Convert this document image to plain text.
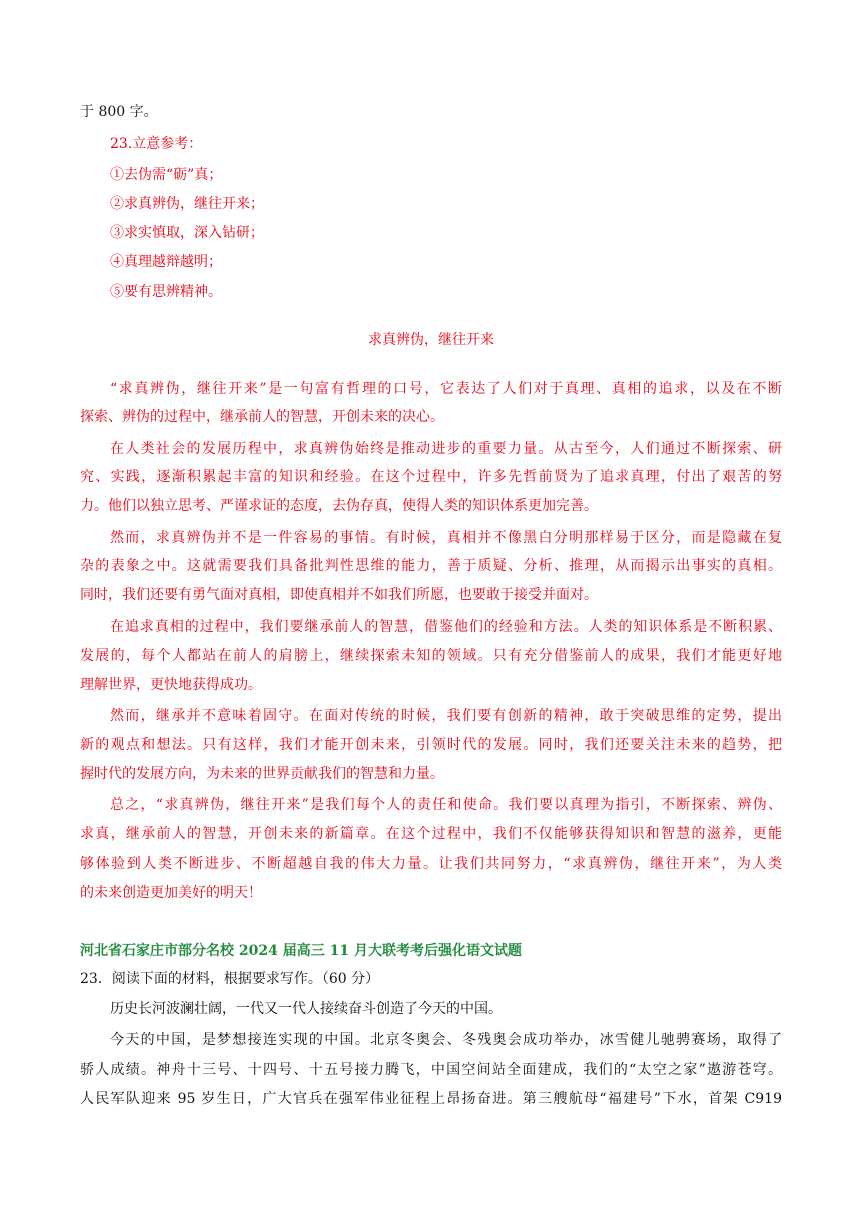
于 800 字。
23.立意参考：
①去伪需“砺”真；
②求真辨伪，继往开来；
③求实慎取，深入钻研；
④真理越辩越明；
⑤要有思辨精神。
求真辨伪，继往开来
“求真辨伪，继往开来”是一句富有哲理的口号，它表达了人们对于真理、真相的追求，以及在不断
探索、辨伪的过程中，继承前人的智慧，开创未来的决心。
在人类社会的发展历程中，求真辨伪始终是推动进步的重要力量。从古至今，人们通过不断探索、研
究、实践，逐渐积累起丰富的知识和经验。在这个过程中，许多先哲前贤为了追求真理，付出了艰苦的努
力。他们以独立思考、严谨求证的态度，去伪存真，使得人类的知识体系更加完善。
然而，求真辨伪并不是一件容易的事情。有时候，真相并不像黑白分明那样易于区分，而是隐藏在复
杂的表象之中。这就需要我们具备批判性思维的能力，善于质疑、分析、推理，从而揭示出事实的真相。
同时，我们还要有勇气面对真相，即使真相并不如我们所愿，也要敢于接受并面对。
在追求真相的过程中，我们要继承前人的智慧，借鉴他们的经验和方法。人类的知识体系是不断积累、
发展的，每个人都站在前人的肩膀上，继续探索未知的领域。只有充分借鉴前人的成果，我们才能更好地
理解世界，更快地获得成功。
然而，继承并不意味着固守。在面对传统的时候，我们要有创新的精神，敢于突破思维的定势，提出
新的观点和想法。只有这样，我们才能开创未来，引领时代的发展。同时，我们还要关注未来的趋势，把
握时代的发展方向，为未来的世界贡献我们的智慧和力量。
总之，“求真辨伪，继往开来”是我们每个人的责任和使命。我们要以真理为指引，不断探索、辨伪、
求真，继承前人的智慧，开创未来的新篇章。在这个过程中，我们不仅能够获得知识和智慧的滋养，更能
够体验到人类不断进步、不断超越自我的伟大力量。让我们共同努力，“求真辨伪，继往开来”，为人类
的未来创造更加美好的明天！
河北省石家庄市部分名校 2024 届高三 11 月大联考考后强化语文试题
23．阅读下面的材料，根据要求写作。（60 分）
历史长河波澜壮阔，一代又一代人接续奋斗创造了今天的中国。
今天的中国，是梦想接连实现的中国。北京冬奥会、冬残奥会成功举办，冰雪健儿驰骋赛场，取得了
骄人成绩。神舟十三号、十四号、十五号接力腾飞，中国空间站全面建成，我们的“太空之家”遨游苍穹。
人民军队迎来 95 岁生日，广大官兵在强军伟业征程上昂扬奋进。第三艘航母“福建号”下水，首架 C919
